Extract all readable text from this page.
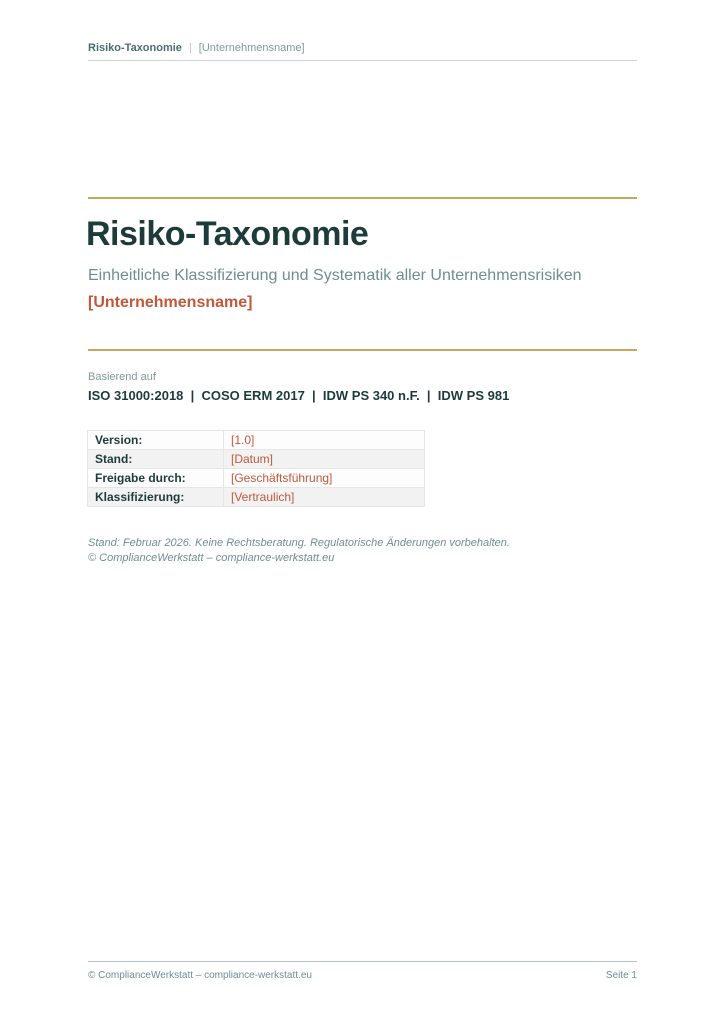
Risiko-Taxonomie | [Unternehmensname]
Risiko-Taxonomie

Einheitliche Klassifizierung und Systematik aller Unternehmensrisiken

[Unternehmensname]

Basierend auf
ISO 31000:2018  |  COSO ERM 2017  |  IDW PS 340 n.F.  |  IDW PS 981
Version:	[1.0]
Stand:	[Datum]
Freigabe durch:	[Geschäftsführung]
Klassifizierung:	[Vertraulich]
Stand: Februar 2026. Keine Rechtsberatung. Regulatorische Änderungen vorbehalten.
© ComplianceWerkstatt – compliance-werkstatt.eu
© ComplianceWerkstatt – compliance-werkstatt.eu	Seite 1
